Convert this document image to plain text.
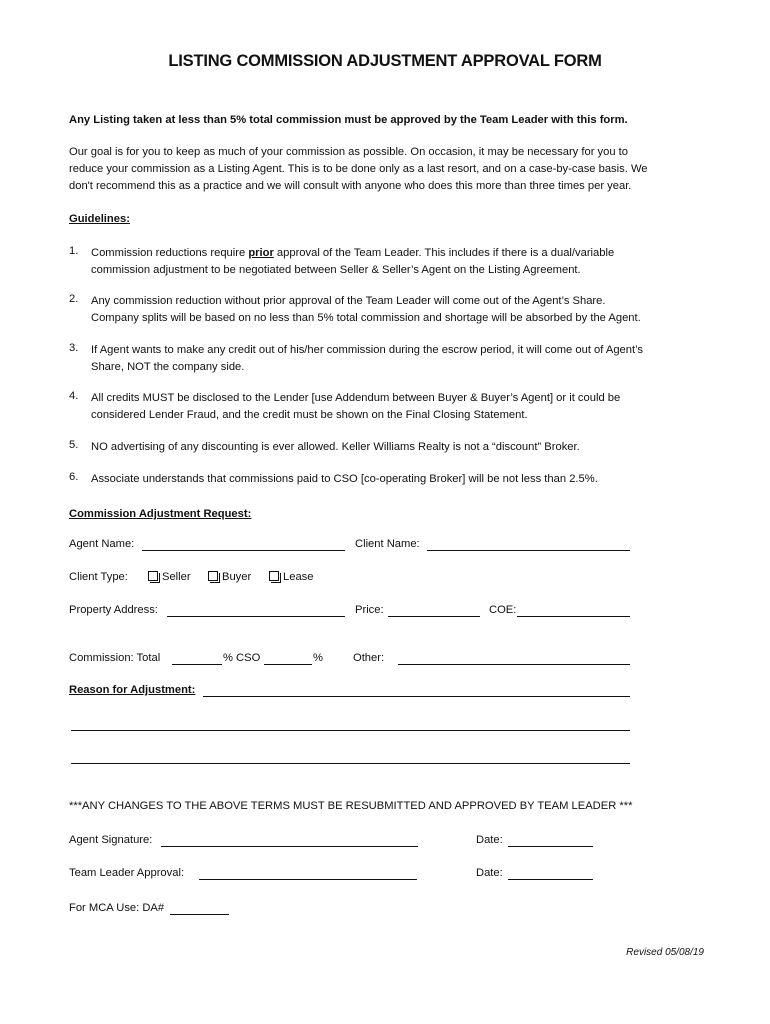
LISTING COMMISSION ADJUSTMENT APPROVAL FORM
Any Listing taken at less than 5% total commission must be approved by the Team Leader with this form.
Our goal is for you to keep as much of your commission as possible. On occasion, it may be necessary for you to
reduce your commission as a Listing Agent. This is to be done only as a last resort, and on a case-by-case basis. We
don't recommend this as a practice and we will consult with anyone who does this more than three times per year.
Guidelines:
1. Commission reductions require prior approval of the Team Leader. This includes if there is a dual/variable
commission adjustment to be negotiated between Seller & Seller’s Agent on the Listing Agreement.
2. Any commission reduction without prior approval of the Team Leader will come out of the Agent’s Share.
Company splits will be based on no less than 5% total commission and shortage will be absorbed by the Agent.
3. If Agent wants to make any credit out of his/her commission during the escrow period, it will come out of Agent’s
Share, NOT the company side.
4. All credits MUST be disclosed to the Lender [use Addendum between Buyer & Buyer’s Agent] or it could be
considered Lender Fraud, and the credit must be shown on the Final Closing Statement.
5. NO advertising of any discounting is ever allowed. Keller Williams Realty is not a “discount” Broker.
6. Associate understands that commissions paid to CSO [co-operating Broker] will be not less than 2.5%.
Commission Adjustment Request:
Agent Name:	Client Name:
Client Type:	Seller	Buyer	Lease
Property Address:	Price:	COE:
Commission: Total	% CSO	%	Other:
Reason for Adjustment:
***ANY CHANGES TO THE ABOVE TERMS MUST BE RESUBMITTED AND APPROVED BY TEAM LEADER ***
Agent Signature:	Date:
Team Leader Approval:	Date:
For MCA Use: DA#
Revised 05/08/19
